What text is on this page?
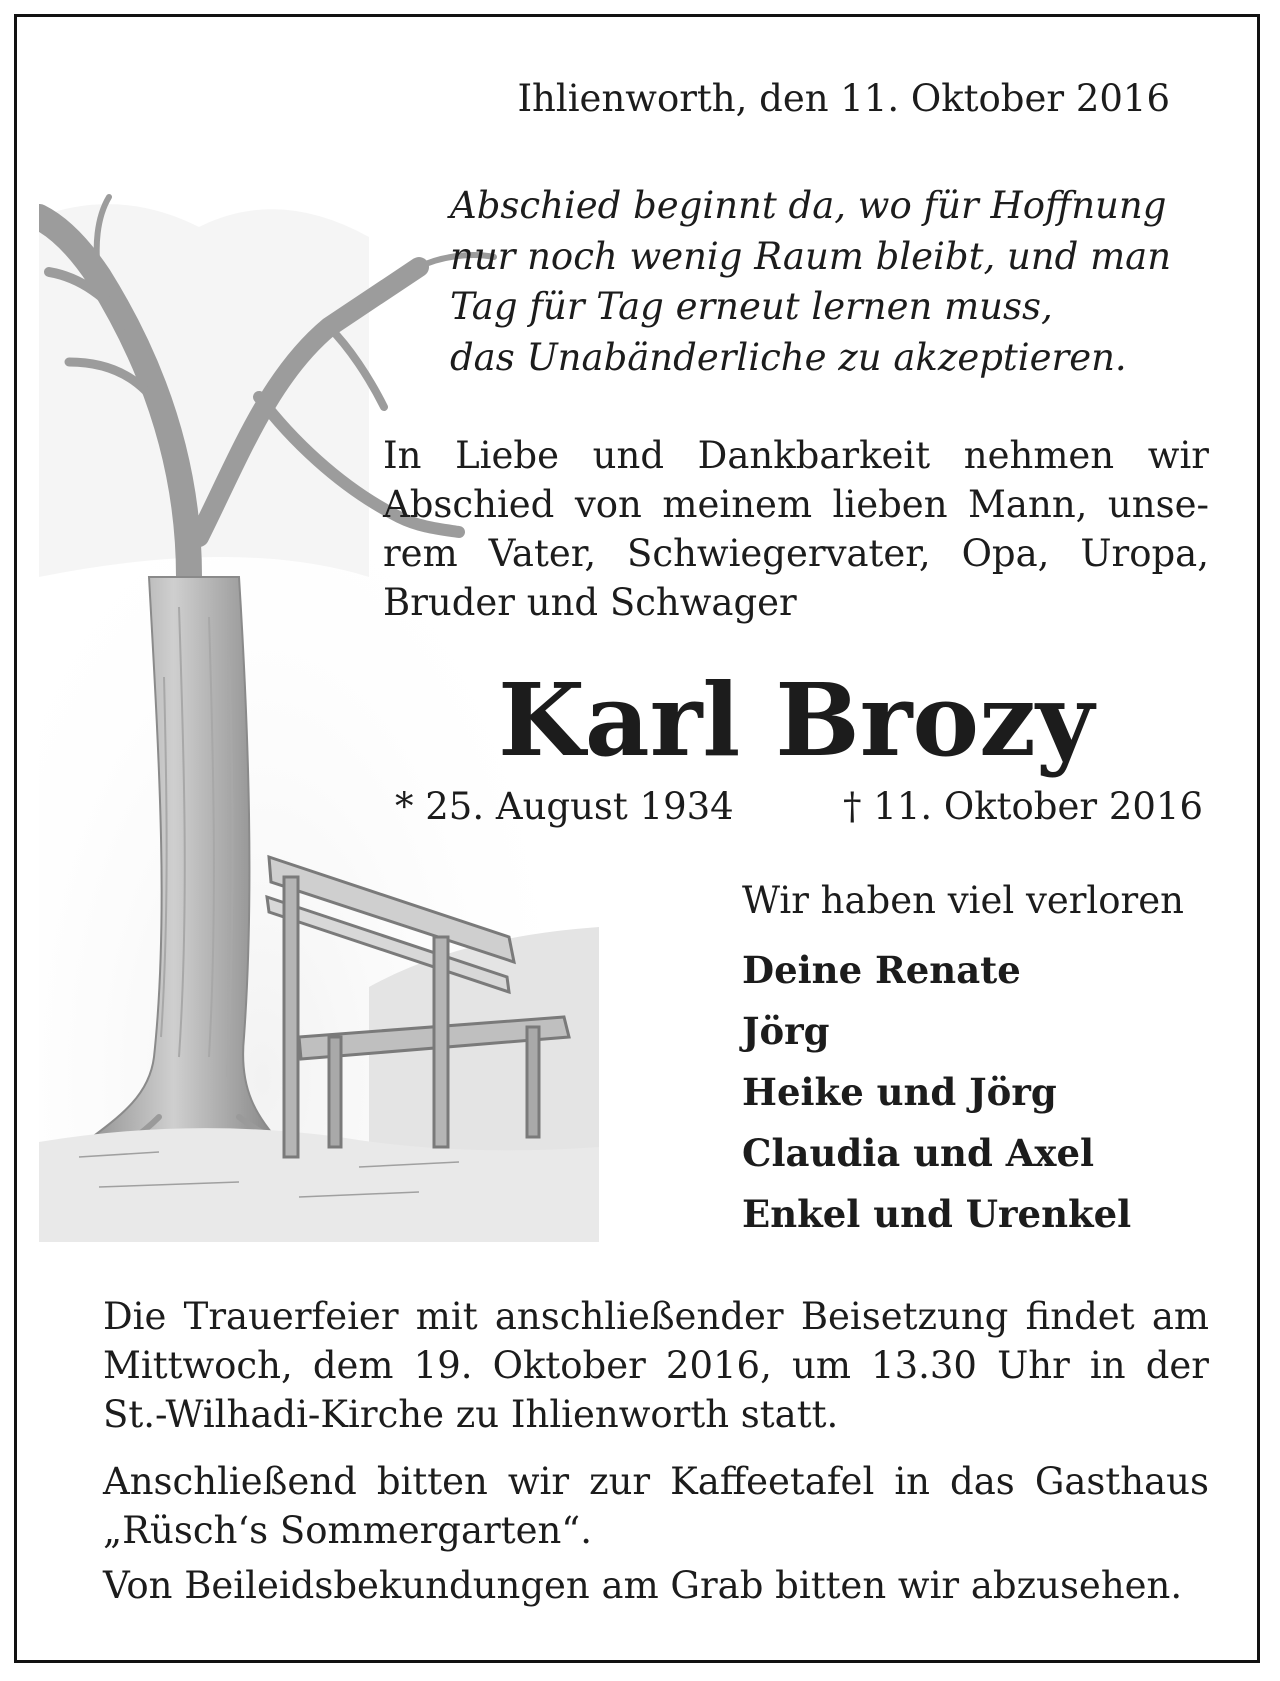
Ihlienworth, den 11. Oktober 2016
Abschied beginnt da, wo für Hoffnung
nur noch wenig Raum bleibt, und man
Tag für Tag erneut lernen muss,
das Unabänderliche zu akzeptieren.
In Liebe und Dankbarkeit nehmen wir Abschied von meinem lieben Mann, unserem Vater, Schwiegervater, Opa, Uropa, Bruder und Schwager
Karl Brozy
* 25. August 1934	† 11. Oktober 2016
Wir haben viel verloren
Deine Renate
Jörg
Heike und Jörg
Claudia und Axel
Enkel und Urenkel

Die Trauerfeier mit anschließender Beisetzung findet am Mittwoch, dem 19. Oktober 2016, um 13.30 Uhr in der St.-Wilhadi-Kirche zu Ihlienworth statt.

Anschließend bitten wir zur Kaffeetafel in das Gasthaus „Rüsch‘s Sommergarten“.

Von Beileidsbekundungen am Grab bitten wir abzusehen.
